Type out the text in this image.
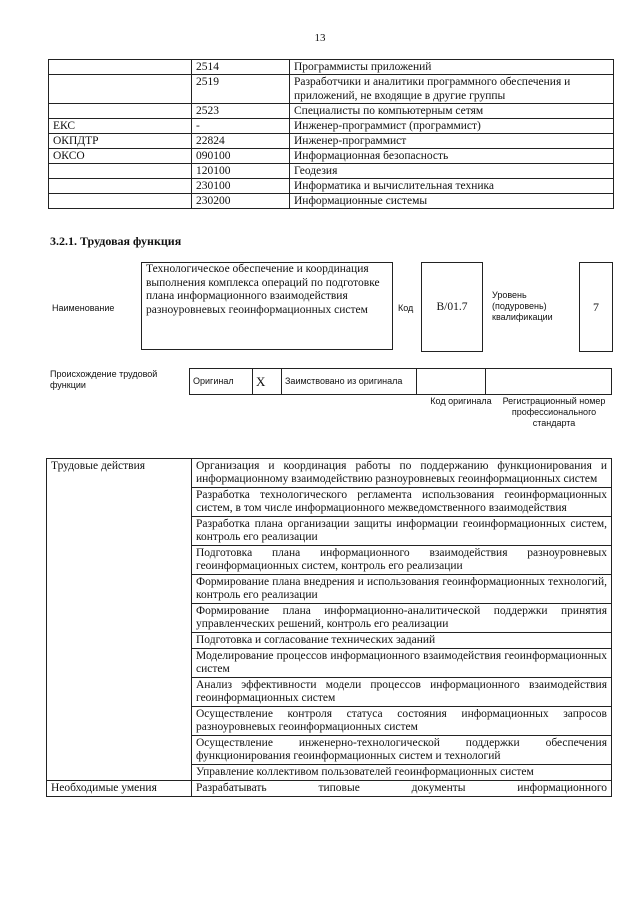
13
	2514	Программисты приложений
	2519	Разработчики и аналитики программного обеспечения и приложений, не входящие в другие группы
	2523	Специалисты по компьютерным сетям
ЕКС	-	Инженер-программист (программист)
ОКПДТР	22824	Инженер-программист
ОКСО	090100	Информационная безопасность
	120100	Геодезия
	230100	Информатика и вычислительная техника
	230200	Информационные системы
3.2.1. Трудовая функция
Наименование
Технологическое обеспечение и координация выполнения комплекса операций по подготовке плана информационного взаимодействия разноуровневых геоинформационных систем	Код	В/01.7
Уровень (подуровень) квалификации
7
Происхождение трудовой функции	Оригинал	Х	Заимствовано из оригинала		
Код оригинала	Регистрационный номер профессионального стандарта
Трудовые действия	Организация и координация работы по поддержанию функционирования и информационному взаимодействию разноуровневых геоинформационных систем
	Разработка технологического регламента использования геоинформационных систем, в том числе информационного межведомственного взаимодействия
	Разработка плана организации защиты информации геоинформационных систем, контроль его реализации
	Подготовка плана информационного взаимодействия разноуровневых геоинформационных систем, контроль его реализации
	Формирование плана внедрения и использования геоинформационных технологий, контроль его реализации
	Формирование плана информационно-аналитической поддержки принятия управленческих решений, контроль его реализации
	Подготовка и согласование технических заданий
	Моделирование процессов информационного взаимодействия геоинформационных систем
	Анализ эффективности модели процессов информационного взаимодействия геоинформационных систем
	Осуществление контроля статуса состояния информационных запросов разноуровневых геоинформационных систем
	Осуществление инженерно-технологической поддержки обеспечения функционирования геоинформационных систем и технологий
	Управление коллективом пользователей геоинформационных систем
Необходимые умения	Разрабатывать типовые документы информационного
